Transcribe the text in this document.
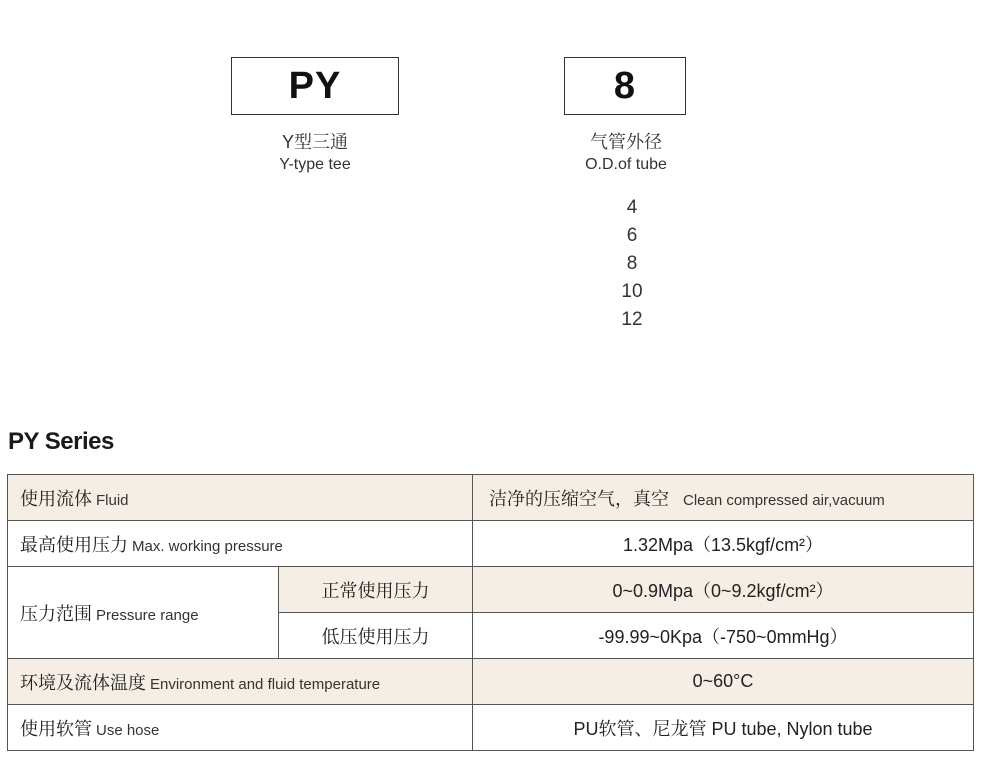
PY
Y型三通
Y-type tee
8
气管外径
O.D.of tube
4
6
8
10
12
PY Series
使用流体 Fluid		洁净的压缩空气，真空 Clean compressed air,vacuum
最高使用压力 Max. working pressure		1.32Mpa（13.5kgf/cm²）
压力范围 Pressure range	正常使用压力	0~0.9Mpa（0~9.2kgf/cm²）
	低压使用压力	-99.99~0Kpa（-750~0mmHg）
环境及流体温度 Environment and fluid temperature		0~60°C
使用软管 Use hose		PU软管、尼龙管 PU tube, Nylon tube
